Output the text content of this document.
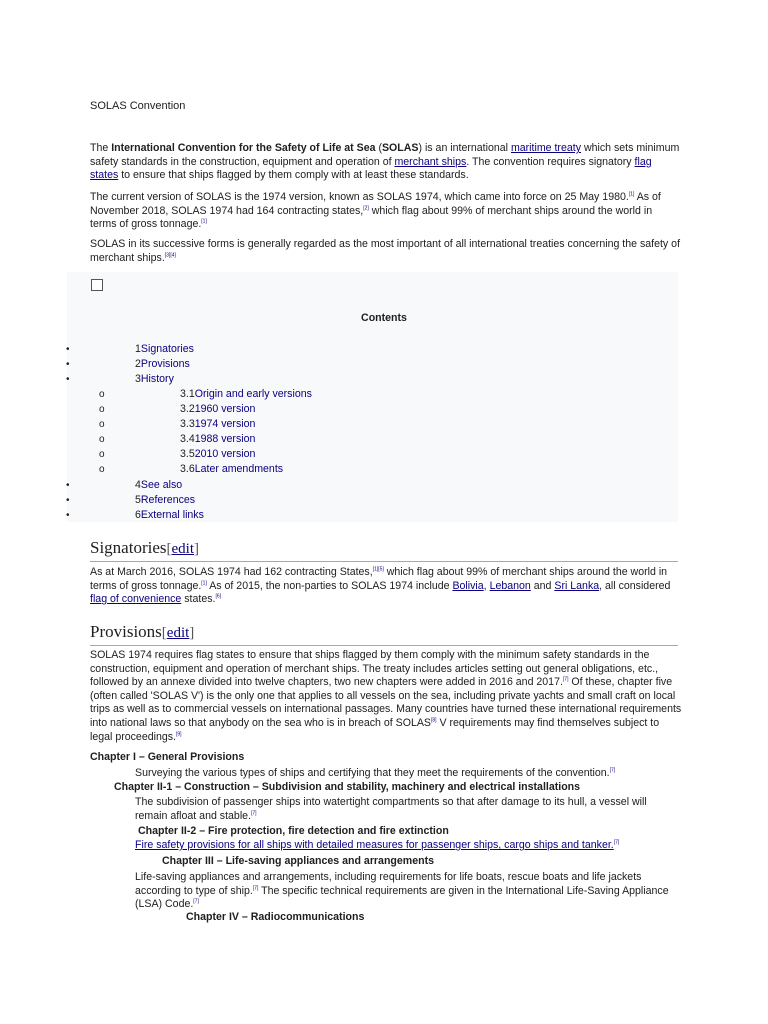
SOLAS Convention

The International Convention for the Safety of Life at Sea (SOLAS) is an international maritime treaty which sets minimum safety standards in the construction, equipment and operation of merchant ships. The convention requires signatory flag states to ensure that ships flagged by them comply with at least these standards.

The current version of SOLAS is the 1974 version, known as SOLAS 1974, which came into force on 25 May 1980.[1] As of November 2018, SOLAS 1974 had 164 contracting states,[2] which flag about 99% of merchant ships around the world in terms of gross tonnage.[1]

SOLAS in its successive forms is generally regarded as the most important of all international treaties concerning the safety of merchant ships.[3][4]

Contents
•	1Signatories
•	2Provisions
•	3History
o	3.1Origin and early versions
o	3.21960 version
o	3.31974 version
o	3.41988 version
o	3.52010 version
o	3.6Later amendments
•	4See also
•	5References
•	6External links
Signatories[edit]

As at March 2016, SOLAS 1974 had 162 contracting States,[1][5] which flag about 99% of merchant ships around the world in terms of gross tonnage.[1] As of 2015, the non-parties to SOLAS 1974 include Bolivia, Lebanon and Sri Lanka, all considered flag of convenience states.[6]

Provisions[edit]

SOLAS 1974 requires flag states to ensure that ships flagged by them comply with the minimum safety standards in the construction, equipment and operation of merchant ships. The treaty includes articles setting out general obligations, etc., followed by an annexe divided into twelve chapters, two new chapters were added in 2016 and 2017.[7] Of these, chapter five (often called 'SOLAS V') is the only one that applies to all vessels on the sea, including private yachts and small craft on local trips as well as to commercial vessels on international passages. Many countries have turned these international requirements into national laws so that anybody on the sea who is in breach of SOLAS[8] V requirements may find themselves subject to legal proceedings.[9]

Chapter I – General Provisions
Surveying the various types of ships and certifying that they meet the requirements of the convention.[7]
Chapter II-1 – Construction – Subdivision and stability, machinery and electrical installations
The subdivision of passenger ships into watertight compartments so that after damage to its hull, a vessel will remain afloat and stable.[7]
Chapter II-2 – Fire protection, fire detection and fire extinction
Fire safety provisions for all ships with detailed measures for passenger ships, cargo ships and tanker.[7]
Chapter III – Life-saving appliances and arrangements
Life-saving appliances and arrangements, including requirements for life boats, rescue boats and life jackets according to type of ship.[7] The specific technical requirements are given in the International Life-Saving Appliance (LSA) Code.[7]
Chapter IV – Radiocommunications
